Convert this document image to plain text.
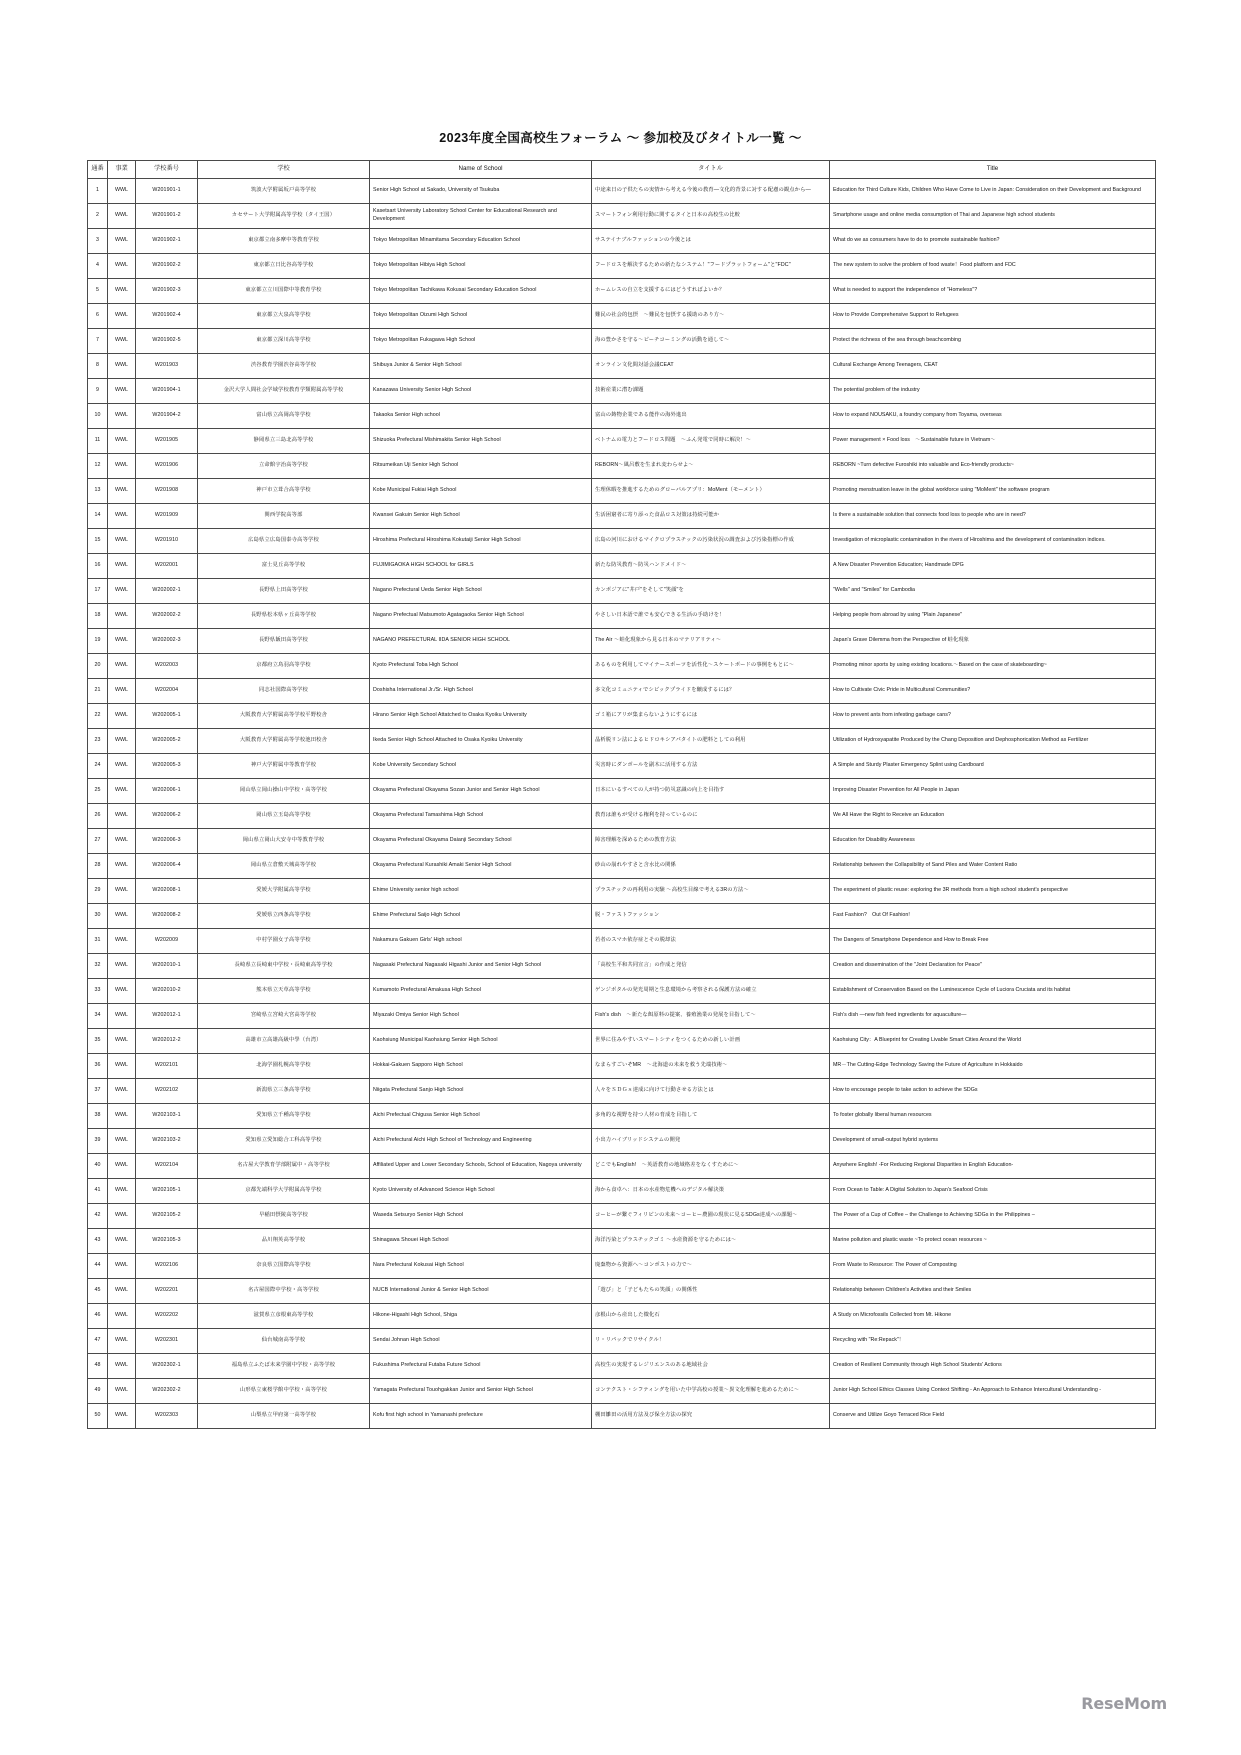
2023年度全国高校生フォーラム ～ 参加校及びタイトル一覧 ～
通番	事業	学校番号	学校	Name of School	タイトル	Title
1	WWL	W201901-1	筑波大学附属坂戸高等学校	Senior High School at Sakado, University of Tsukuba	中途来日の子供たちの実情から考える今後の教育―文化的背景に対する配慮の観点から―	Education for Third Culture Kids, Children Who Have Come to Live in Japan: Consideration on their Development and Background
2	WWL	W201901-2	カセサート大学附属高等学校（タイ王国）	Kasetsart University Laboratory School Center for Educational Research and Development	スマートフォン利用行動に関するタイと日本の高校生の比較	Smartphone usage and online media consumption of Thai and Japanese high school students
3	WWL	W201902-1	東京都立南多摩中等教育学校	Tokyo Metropolitan Minamitama Secondary Education School	サステイナブルファッションの今後とは	What do we as consumers have to do to promote sustainable fashion?
4	WWL	W201902-2	東京都立日比谷高等学校	Tokyo Metropolitan Hibiya High School	フードロスを解決するための新たなシステム！"フードプラットフォーム"と"FDC"	The new system to solve the problem of food waste！Food platform and FDC
5	WWL	W201902-3	東京都立立川国際中等教育学校	Tokyo Metropolitan Tachikawa Kokusai Secondary Education School	ホームレスの自立を支援するにはどうすればよいか？	What is needed to support the independence of "Homeless"?
6	WWL	W201902-4	東京都立大泉高等学校	Tokyo Metropolitan Oizumi High School	難民の社会的包摂　～難民を包摂する援助のあり方～	How to Provide Comprehensive Support to Refugees
7	WWL	W201902-5	東京都立深川高等学校	Tokyo Metropolitan Fukagawa High School	海の豊かさを守る～ビーチコーミングの活動を通して～	Protect the richness of the sea through beachcombing
8	WWL	W201903	渋谷教育学園渋谷高等学校	Shibuya Junior & Senior High School	オンライン文化間対話会議CEAT	Cultural Exchange Among Teenagers, CEAT
9	WWL	W201904-1	金沢大学人間社会学域学校教育学類附属高等学校	Kanazawa University Senior High School	技術産業に潜む課題	The potential problem of the industry
10	WWL	W201904-2	富山県立高岡高等学校	Takaoka Senior High school	富山の鋳物企業である能作の海外進出	How to expand NOUSAKU, a foundry company from Toyama, overseas
11	WWL	W201905	静岡県立三島北高等学校	Shizuoka Prefectural Mishimakita Senior High School	ベトナムの電力とフードロス問題　～ふん発電で同時に解決！～	Power management × Food loss　～Sustainable future in Vietnam～
12	WWL	W201906	立命館宇治高等学校	Ritsumeikan Uji Senior High School	REBORN～風呂敷を生まれ変わらせよ～	REBORN ~Turn defective Furoshiki into valuable and Eco-friendly products~
13	WWL	W201908	神戸市立葺合高等学校	Kobe Municipal Fukiai High School	生理休暇を推進するためのグローバルアプリ：MoMent（モーメント）	Promoting menstruation leave in the global workforce using "MoMent" the software program
14	WWL	W201909	関西学院高等部	Kwansei Gakuin Senior High School	生活困窮者に寄り添った食品ロス対策は持続可能か	Is there a sustainable solution that connects food loss to people who are in need?
15	WWL	W201910	広島県立広島国泰寺高等学校	Hiroshima Prefectural Hiroshima Kokutaiji Senior High School	広島の河川におけるマイクロプラスチックの汚染状況の調査および汚染指標の作成	Investigation of microplastic contamination in the rivers of Hiroshima and the development of contamination indices.
16	WWL	W202001	富士見丘高等学校	FUJIMIGAOKA HIGH SCHOOL for GIRLS	新たな防災教育～防災ハンドメイド～	A New Disaster Prevention Education; Handmade DPG
17	WWL	W202002-1	長野県上田高等学校	Nagano Prefectural Ueda Senior High School	カンボジアに"井戸"をそして"笑顔"を	"Wells" and "Smiles" for Cambodia
18	WWL	W202002-2	長野県松本県ヶ丘高等学校	Nagano Prefectual Matsumoto Agatagaoka Senior High School	やさしい日本語で誰でも安心できる生活の手助けを！	Helping people from abroad by using "Plain Japanese"
19	WWL	W202002-3	長野県飯田高等学校	NAGANO PREFECTURAL IIDA SENIOR HIGH SCHOOL	The Air ～蛙化現象から見る日本のマテリアリティ～	Japan's Grave Dilemma from the Perspective of 蛙化現象
20	WWL	W202003	京都府立鳥羽高等学校	Kyoto Prefectural Toba High School	あるものを利用してマイナースポーツを活性化～スケートボードの事例をもとに～	Promoting minor sports by using existing locations.～Based on the case of skateboarding~
21	WWL	W202004	同志社国際高等学校	Doshisha International Jr./Sr. High School	多文化コミュニティでシビックプライドを醸成するには？	How to Cultivate Civic Pride in Multicultural Communities?
22	WWL	W202005-1	大阪教育大学附属高等学校平野校舎	Hirano Senior High School Attatched to Osaka Kyoiku University	ゴミ箱にアリが集まらないようにするには	How to prevent ants from infesting garbage cans?
23	WWL	W202005-2	大阪教育大学附属高等学校池田校舎	Ikeda Senior High School Attached to Osaka Kyoiku University	晶析脱リン法によるヒドロキシアパタイトの肥料としての利用	Utilization of Hydroxyapatite Produced by the Chang Deposition and Dephosphorication Method as Fertilizer
24	WWL	W202005-3	神戸大学附属中等教育学校	Kobe University Secondary School	災害時にダンボールを副木に活用する方法	A Simple and Sturdy Plaster Emergency Splint using Cardboard
25	WWL	W202006-1	岡山県立岡山操山中学校・高等学校	Okayama Prefectural Okayama Sozan Junior and Senior High School	日本にいるすべての人が持つ防災意識の向上を目指す	Improving Disaster Prevention for All People in Japan
26	WWL	W202006-2	岡山県立玉島高等学校	Okayama Prefectural Tamashima High School	教育は誰もが受ける権利を持っているのに	We All Have the Right to Receive an Education
27	WWL	W202006-3	岡山県立岡山大安寺中等教育学校	Okayama Prefectural Okayama Daianji Secondary School	障害理解を深めるための教育方法	Education for Disability Awareness
28	WWL	W202006-4	岡山県立倉敷天城高等学校	Okayama Prefectural Kurashiki Amaki Senior High School	砂山の崩れやすさと含水比の関係	Relationship between the Collapsibility of Sand Piles and Water Content Ratio
29	WWL	W202008-1	愛媛大学附属高等学校	Ehime University senior high school	プラスチックの再利用の実験 ～高校生目線で考える3Rの方法～	The experiment of plastic reuse: exploring the 3R methods from a high school student's perspective
30	WWL	W202008-2	愛媛県立西条高等学校	Ehime Prefectural Saijo High School	脱・ファストファッション	Fast Fashion?　Out Of Fashion!
31	WWL	W202009	中村学園女子高等学校	Nakamura Gakuen Girls' High school	若者のスマホ依存症とその脱却法	The Dangers of Smartphone Dependence and How to Break Free
32	WWL	W202010-1	長崎県立長崎東中学校・長崎東高等学校	Nagasaki Prefectural Nagasaki Higashi Junior and Senior High School	「高校生平和共同宣言」の作成と発信	Creation and dissemination of the "Joint Declaration for Peace"
33	WWL	W202010-2	熊本県立天草高等学校	Kumamoto Prefectural Amakusa High School	ゲンジボタルの発光周期と生息環境から考察される保護方法の確立	Establishment of Conservation Based on the Luminescence Cycle of Luciora Cruciata and its habitat
34	WWL	W202012-1	宮崎県立宮崎大宮高等学校	Miyazaki Omiya Senior High School	Fish's dish　～新たな餌原料の提案、養殖漁業の発展を目指して～	Fish's dish ―new fish feed ingredients for aquaculture―
35	WWL	W202012-2	高雄市立高雄高級中學（台湾）	Kaohsiung Municipal Kaohsiung Senior High School	世界に住みやすいスマートシティをつくるための新しい計画	Kaohsiung City：A Blueprint for Creating Livable Smart Cities Around the World
36	WWL	W202101	北海学園札幌高等学校	Hokkai-Gakuen Sapporo High School	なまらすごいぞMR　～北海道の未来を救う先端技術～	MR－The Cutting-Edge Technology Saving the Future of Agriculture in Hokkaido
37	WWL	W202102	新潟県立三条高等学校	Niigata Prefectural Sanjo High School	人々をＳＤＧｓ達成に向けて行動させる方法とは	How to encourage people to take action to achieve the SDGs
38	WWL	W202103-1	愛知県立千種高等学校	Aichi Prefectual Chigusa Senior High School	多角的な視野を持つ人材の育成を目指して	To foster globally liberal human resources
39	WWL	W202103-2	愛知県立愛知総合工科高等学校	Aichi Prefectural Aichi High School of Technology and Engineering	小出力ハイブリッドシステムの開発	Development of small-output hybrid systems
40	WWL	W202104	名古屋大学教育学部附属中・高等学校	Affiliated Upper and Lower Secondary Schools, School of Education, Nagoya university	どこでもEnglish!　～英語教育の地域格差をなくすために～	Anywhere English! -For Reducing Regional Disparities in English Education-
41	WWL	W202105-1	京都先端科学大学附属高等学校	Kyoto University of Advanced Science High School	海から食卓へ：日本の水産物危機へのデジタル解決策	From Ocean to Table: A Digital Solution to Japan's Seafood Crisis
42	WWL	W202105-2	早稲田摂陵高等学校	Waseda Setsuryo Senior High School	コーヒーが繋ぐフィリピンの未来～コーヒー農園の現状に見るSDGs達成への課題～	The Power of a Cup of Coffee – the Challenge to Achieving SDGs in the Philippines –
43	WWL	W202105-3	品川翔英高等学校	Shinagawa Shouei High School	海洋汚染とプラスチックゴミ ～水産資源を守るためには～	Marine pollution and plastic waste ~To protect ocean resources ~
44	WWL	W202106	奈良県立国際高等学校	Nara Prefectural Kokusai High School	廃棄物から資源へ～コンポストの力で～	From Waste to Resource: The Power of Composting
45	WWL	W202201	名古屋国際中学校・高等学校	NUCB International Junior & Senior High School	「遊び」と「子どもたちの笑顔」の関係性	Relationship between Children's Activities and their Smiles
46	WWL	W202202	滋賀県立彦根東高等学校	Hikone-Higashi High School, Shiga	彦根山から産出した微化石	A Study on Microfossils Collected from Mt. Hikone
47	WWL	W202301	仙台城南高等学校	Sendai Johnan High School	リ・リパックでリサイクル！	Recycling with "Re:Repack"！
48	WWL	W202302-1	福島県立ふたば未来学園中学校・高等学校	Fukushima Prefectural Futaba Future School	高校生の実現するレジリエンスのある地域社会	Creation of Resilient Community through High School Students' Actions
49	WWL	W202302-2	山形県立東桜学館中学校・高等学校	Yamagata Prefectural Touohgakkan Junior and Senior High School	コンテクスト・シフティングを用いた中学高校の授業～異文化理解を進めるために～	Junior High School Ethics Classes Using Context Shifting - An Approach to Enhance Intercultural Understanding -
50	WWL	W202303	山梨県立甲府第一高等学校	Kofu first high school in Yamanashi prefecture	棚田雛田の活用方法及び保全方法の探究	Conserve and Utilize Goyo Terraced Rice Field
ReseMom
